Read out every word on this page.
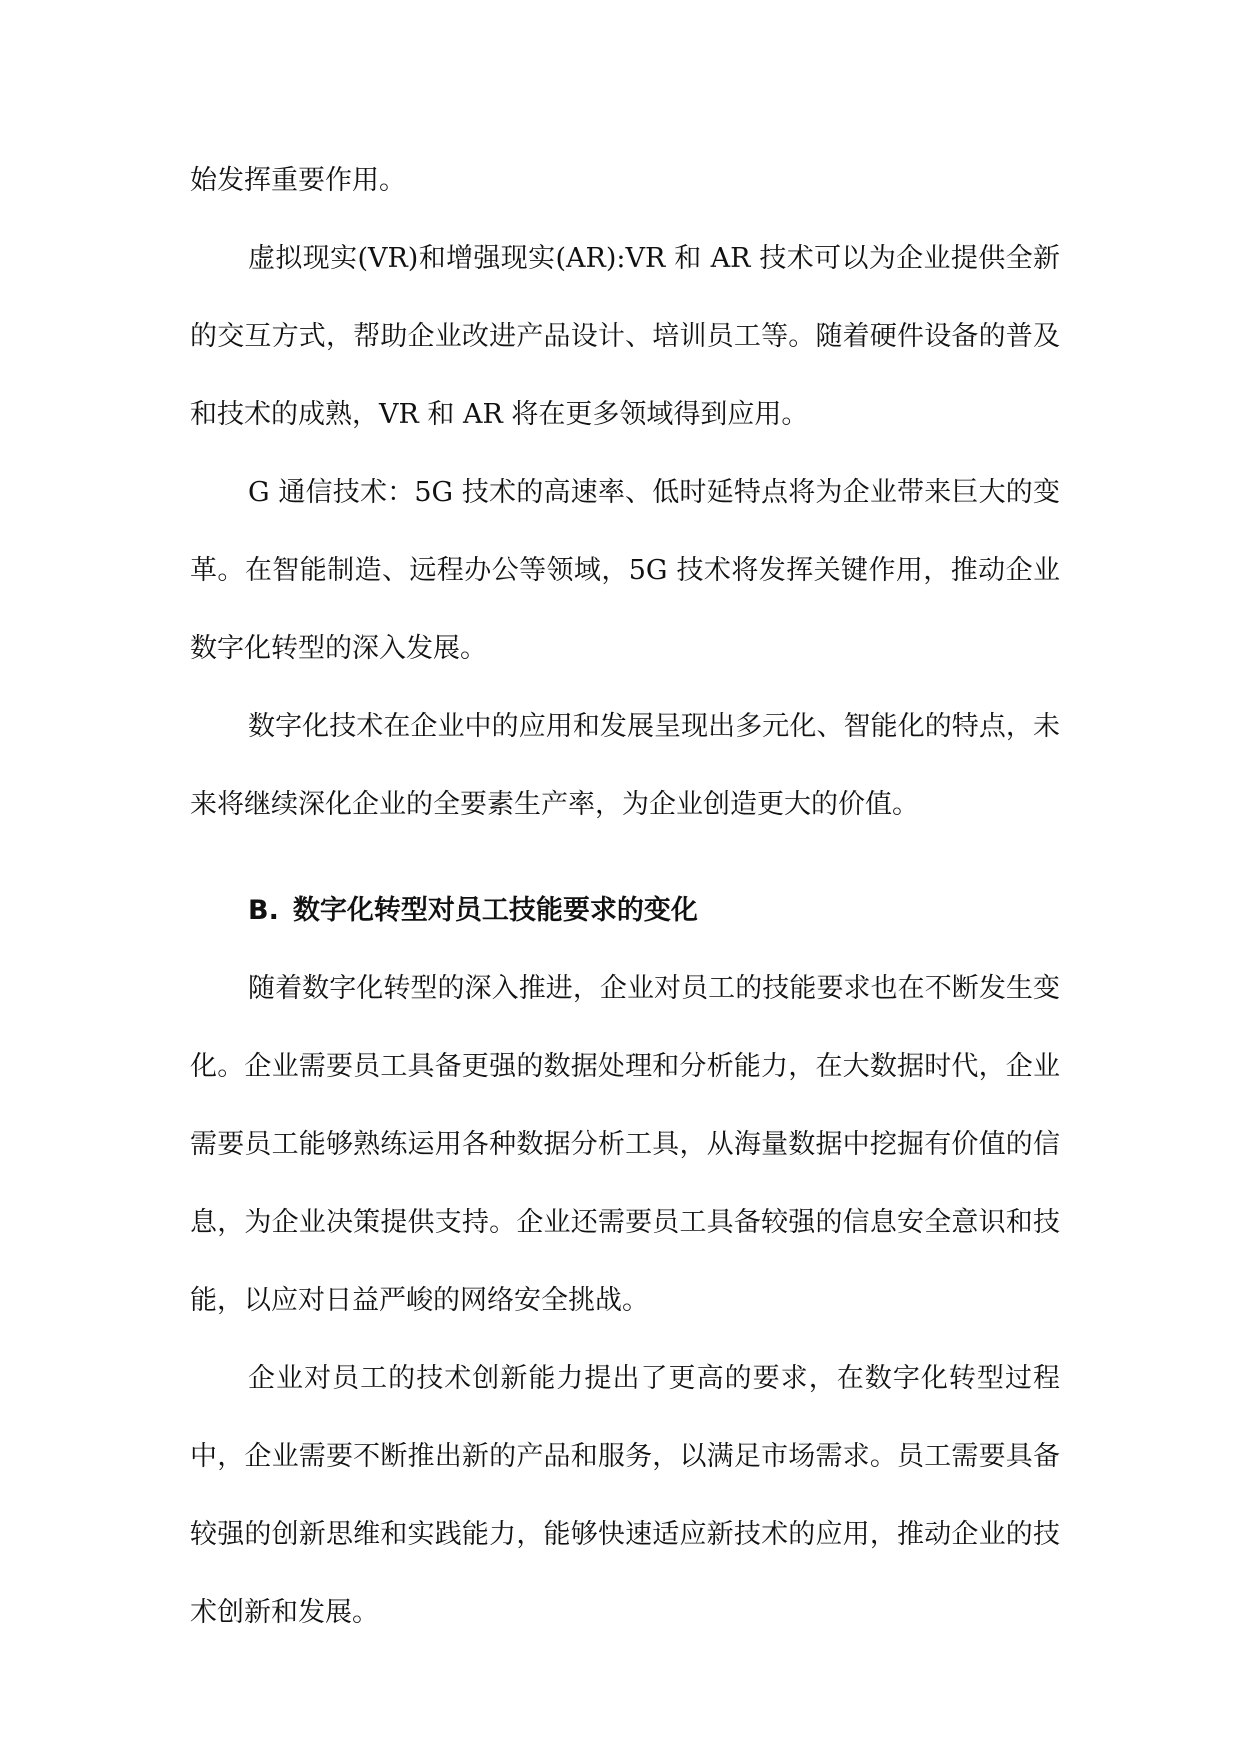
始发挥重要作用。

虚拟现实(VR)和增强现实(AR):VR 和 AR 技术可以为企业提供全新的交互方式，帮助企业改进产品设计、培训员工等。随着硬件设备的普及和技术的成熟，VR 和 AR 将在更多领域得到应用。

G 通信技术：5G 技术的高速率、低时延特点将为企业带来巨大的变革。在智能制造、远程办公等领域，5G 技术将发挥关键作用，推动企业数字化转型的深入发展。

数字化技术在企业中的应用和发展呈现出多元化、智能化的特点，未来将继续深化企业的全要素生产率，为企业创造更大的价值。

B. 数字化转型对员工技能要求的变化

随着数字化转型的深入推进，企业对员工的技能要求也在不断发生变化。企业需要员工具备更强的数据处理和分析能力，在大数据时代，企业需要员工能够熟练运用各种数据分析工具，从海量数据中挖掘有价值的信息，为企业决策提供支持。企业还需要员工具备较强的信息安全意识和技能，以应对日益严峻的网络安全挑战。

企业对员工的技术创新能力提出了更高的要求，在数字化转型过程中，企业需要不断推出新的产品和服务，以满足市场需求。员工需要具备较强的创新思维和实践能力，能够快速适应新技术的应用，推动企业的技术创新和发展。
